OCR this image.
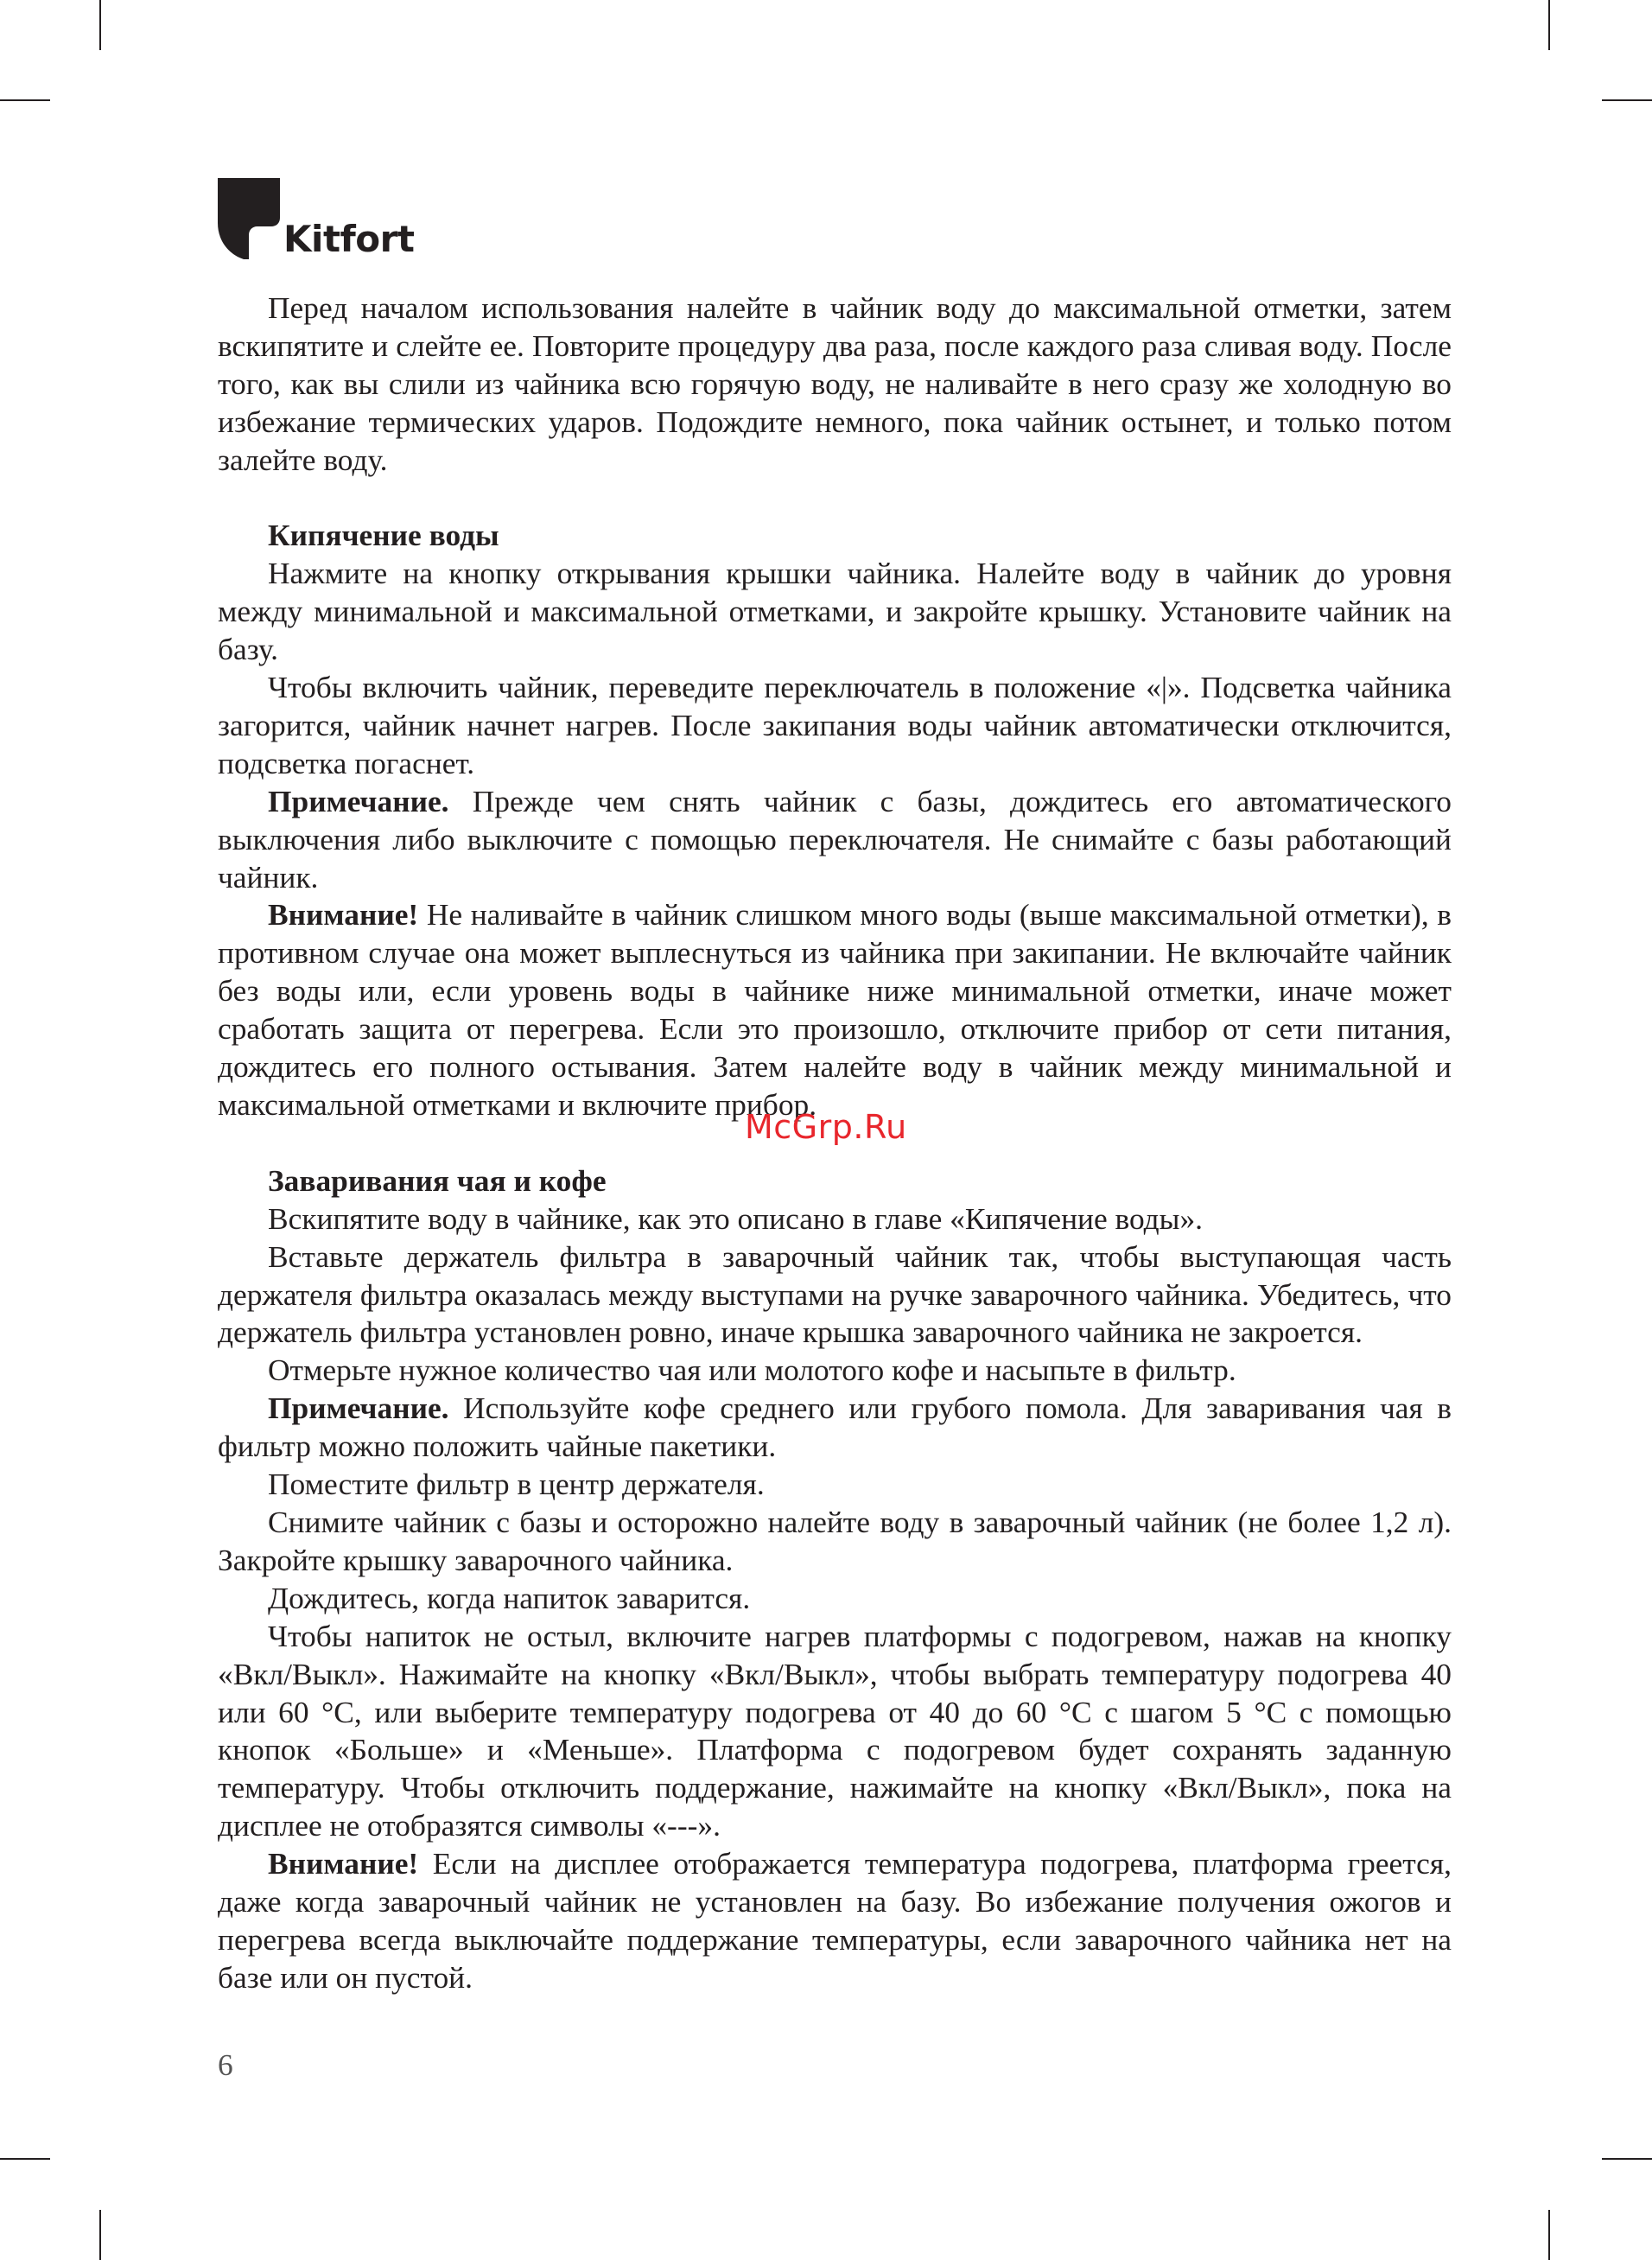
Kitfort

Перед началом использования налейте в чайник воду до максимальной отметки, затем вскипятите и слейте ее. Повторите процедуру два раза, после каждого раза сливая воду. После того, как вы слили из чайника всю горячую воду, не наливайте в него сразу же холодную во избежание термических ударов. Подождите немного, пока чайник остынет, и только потом залейте воду.

Кипячение воды

Нажмите на кнопку открывания крышки чайника. Налейте воду в чайник до уровня между минимальной и максимальной отметками, и закройте крышку. Установите чайник на базу.

Чтобы включить чайник, переведите переключатель в положение «|». Подсветка чайника загорится, чайник начнет нагрев. После закипания воды чайник автоматически отключится, подсветка погаснет.

Примечание. Прежде чем снять чайник с базы, дождитесь его автоматического выключения либо выключите с помощью переключателя. Не снимайте с базы работающий чайник.

Внимание! Не наливайте в чайник слишком много воды (выше максимальной отметки), в противном случае она может выплеснуться из чайника при закипании. Не включайте чайник без воды или, если уровень воды в чайнике ниже минимальной отметки, иначе может сработать защита от перегрева. Если это произошло, отключите прибор от сети питания, дождитесь его полного остывания. Затем налейте воду в чайник между минимальной и максимальной отметками и включите прибор.

Заваривания чая и кофе

Вскипятите воду в чайнике, как это описано в главе «Кипячение воды».

Вставьте держатель фильтра в заварочный чайник так, чтобы выступающая часть держателя фильтра оказалась между выступами на ручке заварочного чайника. Убедитесь, что держатель фильтра установлен ровно, иначе крышка заварочного чайника не закроется.

Отмерьте нужное количество чая или молотого кофе и насыпьте в фильтр.

Примечание. Используйте кофе среднего или грубого помола. Для заваривания чая в фильтр можно положить чайные пакетики.

Поместите фильтр в центр держателя.

Снимите чайник с базы и осторожно налейте воду в заварочный чайник (не более 1,2 л). Закройте крышку заварочного чайника.

Дождитесь, когда напиток заварится.

Чтобы напиток не остыл, включите нагрев платформы с подогревом, нажав на кнопку «Вкл/Выкл». Нажимайте на кнопку «Вкл/Выкл», чтобы выбрать температуру подогрева 40 или 60 °С, или выберите температуру подогрева от 40 до 60 °С с шагом 5 °С с помощью кнопок «Больше» и «Меньше». Платформа с подогревом будет сохранять заданную температуру. Чтобы отключить поддержание, нажимайте на кнопку «Вкл/Выкл», пока на дисплее не отобразятся символы «---».

Внимание! Если на дисплее отображается температура подогрева, платформа греется, даже когда заварочный чайник не установлен на базу. Во избежание получения ожогов и перегрева всегда выключайте поддержание температуры, если заварочного чайника нет на базе или он пустой.

McGrp.Ru
6
